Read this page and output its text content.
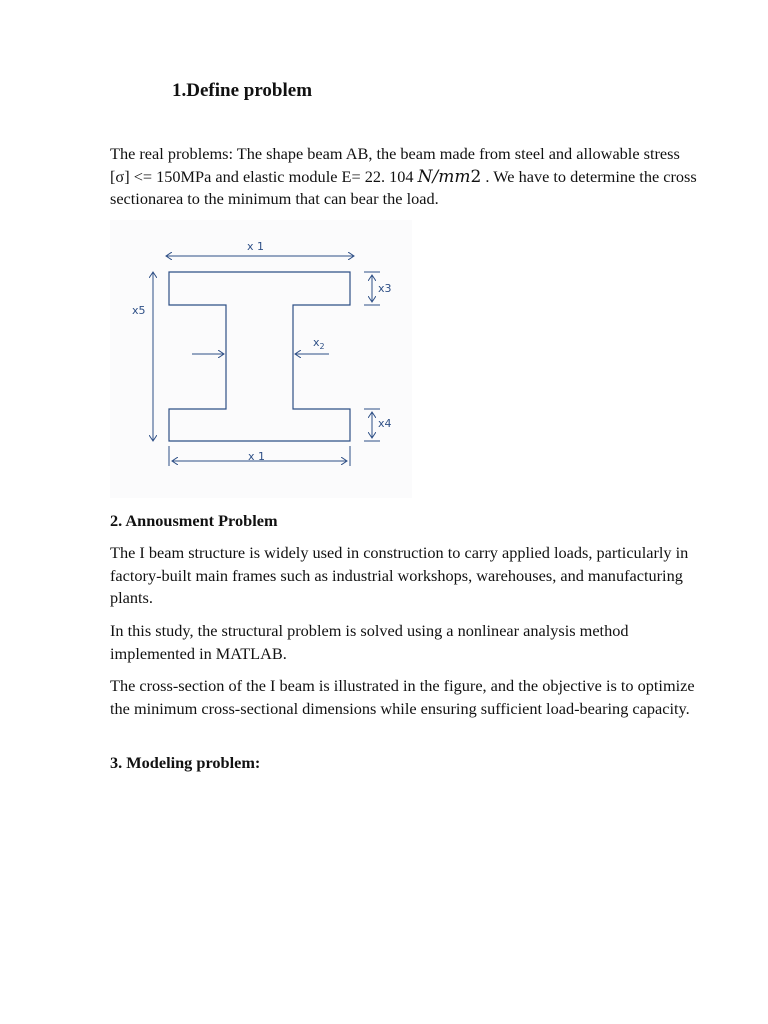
1.Define problem
The real problems: The shape beam AB, the beam made from steel and allowable stress [σ] <= 150MPa and elastic module E= 22. 104 N/mm2 . We have to determine the cross sectionarea to the minimum that can bear the load.
x 1
x 1
x5
x3
x4
$x_2$
2. Annousment Problem
The I beam structure is widely used in construction to carry applied loads, particularly in factory-built main frames such as industrial workshops, warehouses, and manufacturing plants.
In this study, the structural problem is solved using a nonlinear analysis method implemented in MATLAB.
The cross-section of the I beam is illustrated in the figure, and the objective is to optimize the minimum cross-sectional dimensions while ensuring sufficient load-bearing capacity.
3. Modeling problem:
